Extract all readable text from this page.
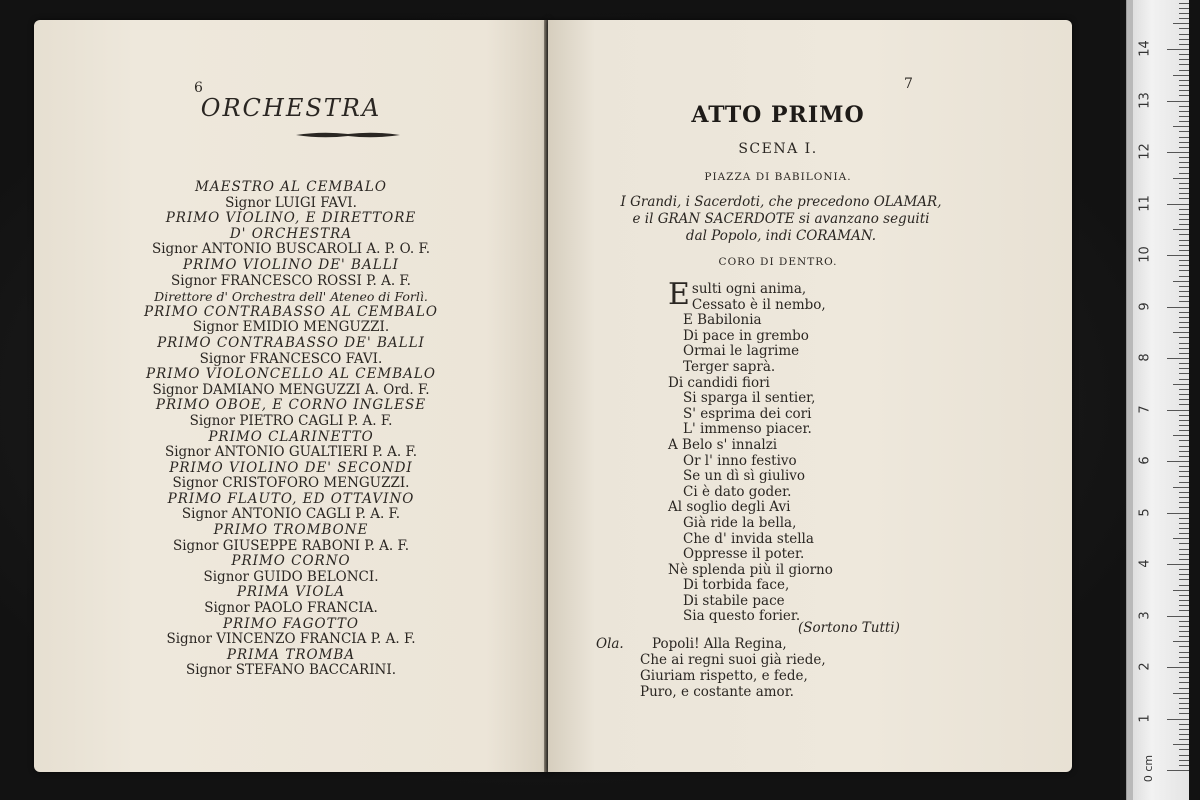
6
ORCHESTRA
MAESTRO AL CEMBALO
Signor LUIGI FAVI.
PRIMO VIOLINO, E DIRETTORE
D' ORCHESTRA
Signor ANTONIO BUSCAROLI A. P. O. F.
PRIMO VIOLINO DE' BALLI
Signor FRANCESCO ROSSI P. A. F.
Direttore d' Orchestra dell' Ateneo di Forlì.
PRIMO CONTRABASSO AL CEMBALO
Signor EMIDIO MENGUZZI.
PRIMO CONTRABASSO DE' BALLI
Signor FRANCESCO FAVI.
PRIMO VIOLONCELLO AL CEMBALO
Signor DAMIANO MENGUZZI A. Ord. F.
PRIMO OBOE, E CORNO INGLESE
Signor PIETRO CAGLI P. A. F.
PRIMO CLARINETTO
Signor ANTONIO GUALTIERI P. A. F.
PRIMO VIOLINO DE' SECONDI
Signor CRISTOFORO MENGUZZI.
PRIMO FLAUTO, ED OTTAVINO
Signor ANTONIO CAGLI P. A. F.
PRIMO TROMBONE
Signor GIUSEPPE RABONI P. A. F.
PRIMO CORNO
Signor GUIDO BELONCI.
PRIMA VIOLA
Signor PAOLO FRANCIA.
PRIMO FAGOTTO
Signor VINCENZO FRANCIA P. A. F.
PRIMA TROMBA
Signor STEFANO BACCARINI.
7
ATTO PRIMO
SCENA I.
PIAZZA DI BABILONIA.
I Grandi, i Sacerdoti, che precedono OLAMAR,
e il GRAN SACERDOTE si avanzano seguiti
dal Popolo, indi CORAMAN.
CORO DI DENTRO.
Esulti ogni anima,
Cessato è il nembo,
E Babilonia
Di pace in grembo
Ormai le lagrime
Terger saprà.
Di candidi fiori
Si sparga il sentier,
S' esprima dei cori
L' immenso piacer.
A Belo s' innalzi
Or l' inno festivo
Se un dì sì giulivo
Ci è dato goder.
Al soglio degli Avi
Già ride la bella,
Che d' invida stella
Oppresse il poter.
Nè splenda più il giorno
Di torbida face,
Di stabile pace
Sia questo forier.
(Sortono Tutti)
Ola.	Popoli! Alla Regina,
Che ai regni suoi già riede,
Giuriam rispetto, e fede,
Puro, e costante amor.
0 cm
1
2
3
4
5
6
7
8
9
10
11
12
13
14
